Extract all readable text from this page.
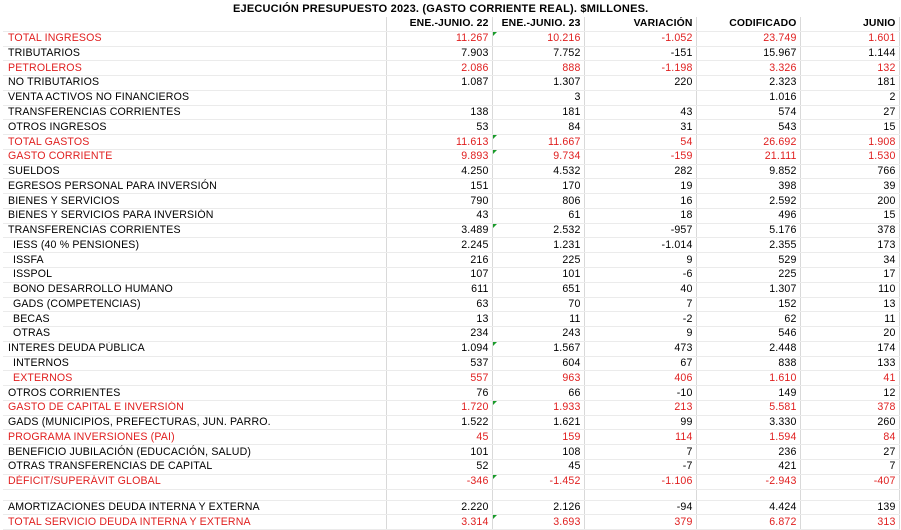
EJECUCIÓN PRESUPUESTO 2023. (GASTO CORRIENTE REAL). $MILLONES.
	ENE.-JUNIO. 22	ENE.-JUNIO. 23	VARIACIÓN	CODIFICADO	JUNIO
TOTAL INGRESOS	11.267	10.216	-1.052	23.749	1.601
TRIBUTARIOS	7.903	7.752	-151	15.967	1.144
PETROLEROS	2.086	888	-1.198	3.326	132
NO TRIBUTARIOS	1.087	1.307	220	2.323	181
VENTA ACTIVOS NO FINANCIEROS		3		1.016	2
TRANSFERENCIAS CORRIENTES	138	181	43	574	27
OTROS INGRESOS	53	84	31	543	15
TOTAL GASTOS	11.613	11.667	54	26.692	1.908
GASTO CORRIENTE	9.893	9.734	-159	21.111	1.530
SUELDOS	4.250	4.532	282	9.852	766
EGRESOS PERSONAL PARA INVERSIÓN	151	170	19	398	39
BIENES Y SERVICIOS	790	806	16	2.592	200
BIENES Y SERVICIOS PARA INVERSIÓN	43	61	18	496	15
TRANSFERENCIAS CORRIENTES	3.489	2.532	-957	5.176	378
IESS (40 % PENSIONES)	2.245	1.231	-1.014	2.355	173
ISSFA	216	225	9	529	34
ISSPOL	107	101	-6	225	17
BONO DESARROLLO HUMANO	611	651	40	1.307	110
GADS (COMPETENCIAS)	63	70	7	152	13
BECAS	13	11	-2	62	11
OTRAS	234	243	9	546	20
INTERES DEUDA PÚBLICA	1.094	1.567	473	2.448	174
INTERNOS	537	604	67	838	133
EXTERNOS	557	963	406	1.610	41
OTROS CORRIENTES	76	66	-10	149	12
GASTO DE CAPITAL E INVERSIÓN	1.720	1.933	213	5.581	378
GADS (MUNICIPIOS, PREFECTURAS, JUN. PARRO.	1.522	1.621	99	3.330	260
PROGRAMA INVERSIONES (PAI)	45	159	114	1.594	84
BENEFICIO JUBILACIÓN (EDUCACIÓN, SALUD)	101	108	7	236	27
OTRAS TRANSFERENCIAS DE CAPITAL	52	45	-7	421	7
DÉFICIT/SUPERÁVIT GLOBAL	-346	-1.452	-1.106	-2.943	-407

AMORTIZACIONES DEUDA INTERNA Y EXTERNA	2.220	2.126	-94	4.424	139
TOTAL SERVICIO DEUDA INTERNA Y EXTERNA	3.314	3.693	379	6.872	313
